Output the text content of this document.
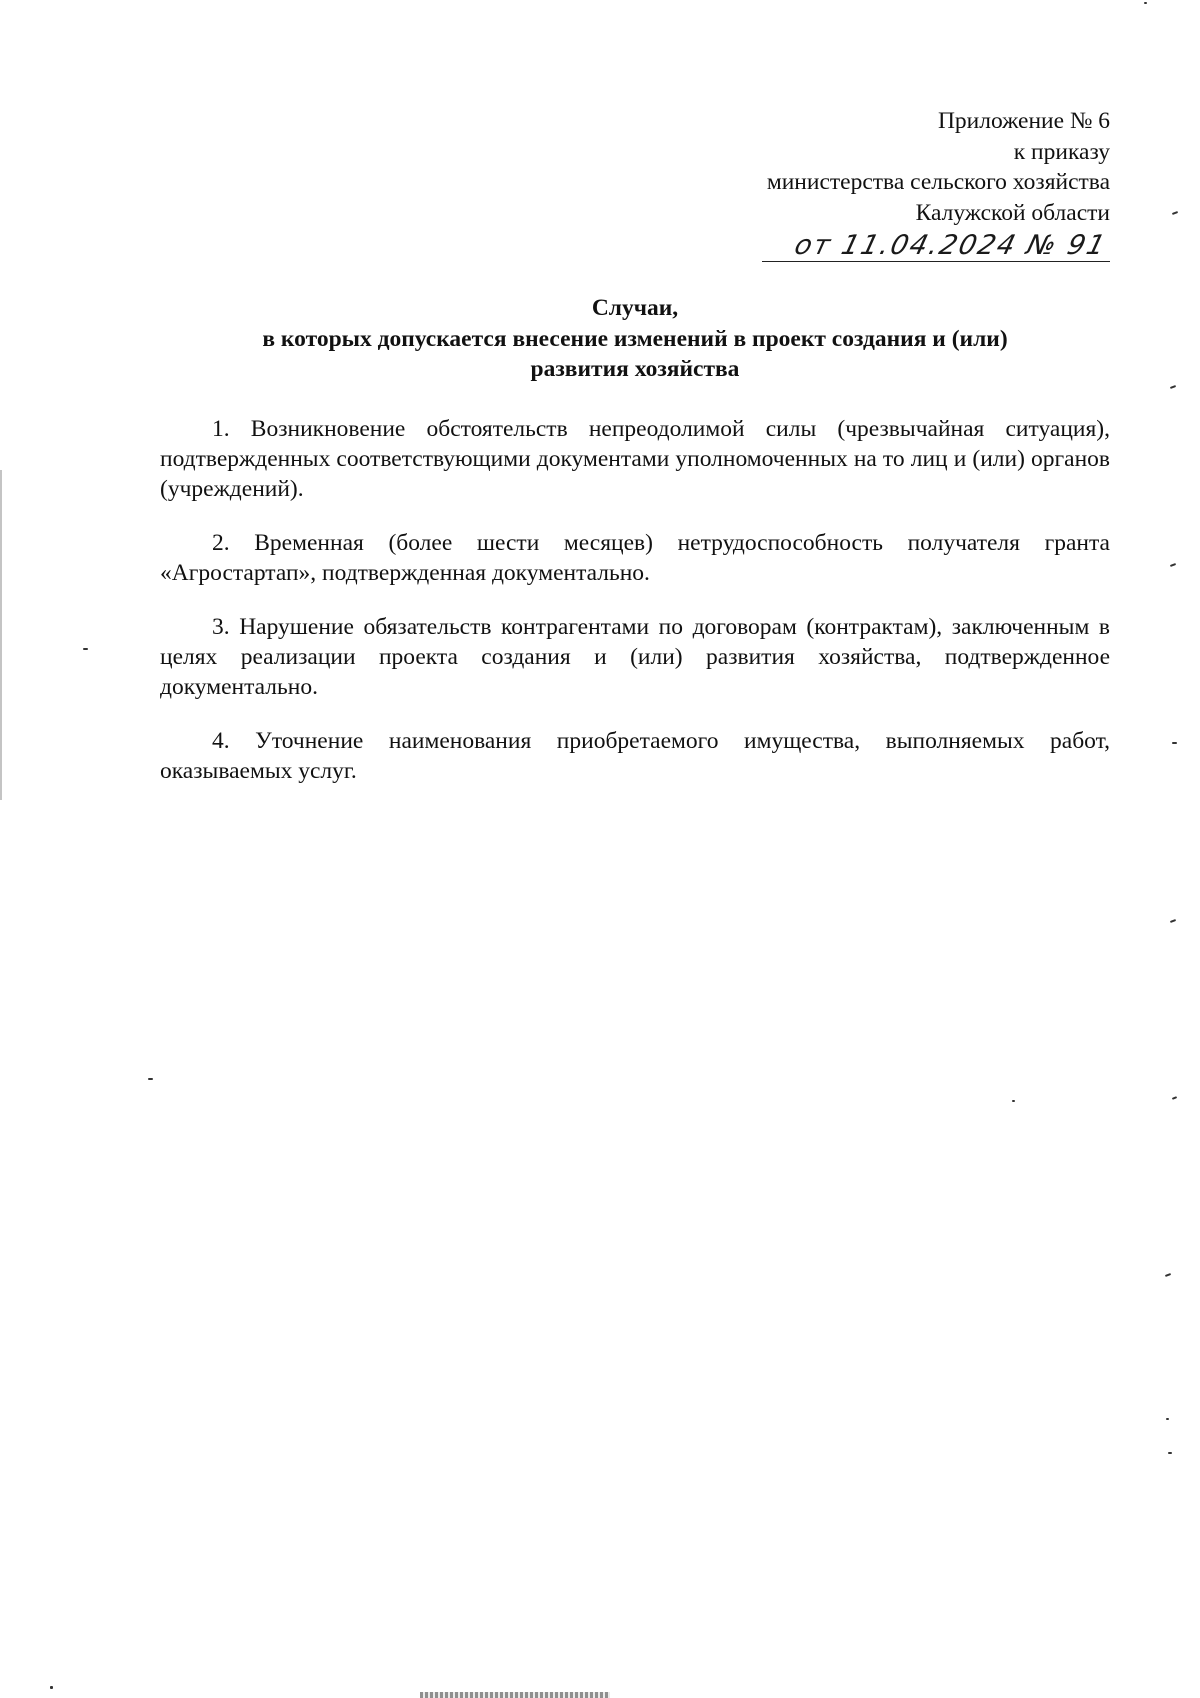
Приложение № 6
к приказу
министерства сельского хозяйства
Калужской области
от 11.04.2024 № 91
Случаи,
в которых допускается внесение изменений в проект создания и (или)
развития хозяйства

1. Возникновение обстоятельств непреодолимой силы (чрезвычайная ситуация), подтвержденных соответствующими документами уполномоченных на то лиц и (или) органов (учреждений).

2. Временная (более шести месяцев) нетрудоспособность получателя гранта «Агростартап», подтвержденная документально.

3. Нарушение обязательств контрагентами по договорам (контрактам), заключенным в целях реализации проекта создания и (или) развития хозяйства, подтвержденное документально.

4. Уточнение наименования приобретаемого имущества, выполняемых работ, оказываемых услуг.
